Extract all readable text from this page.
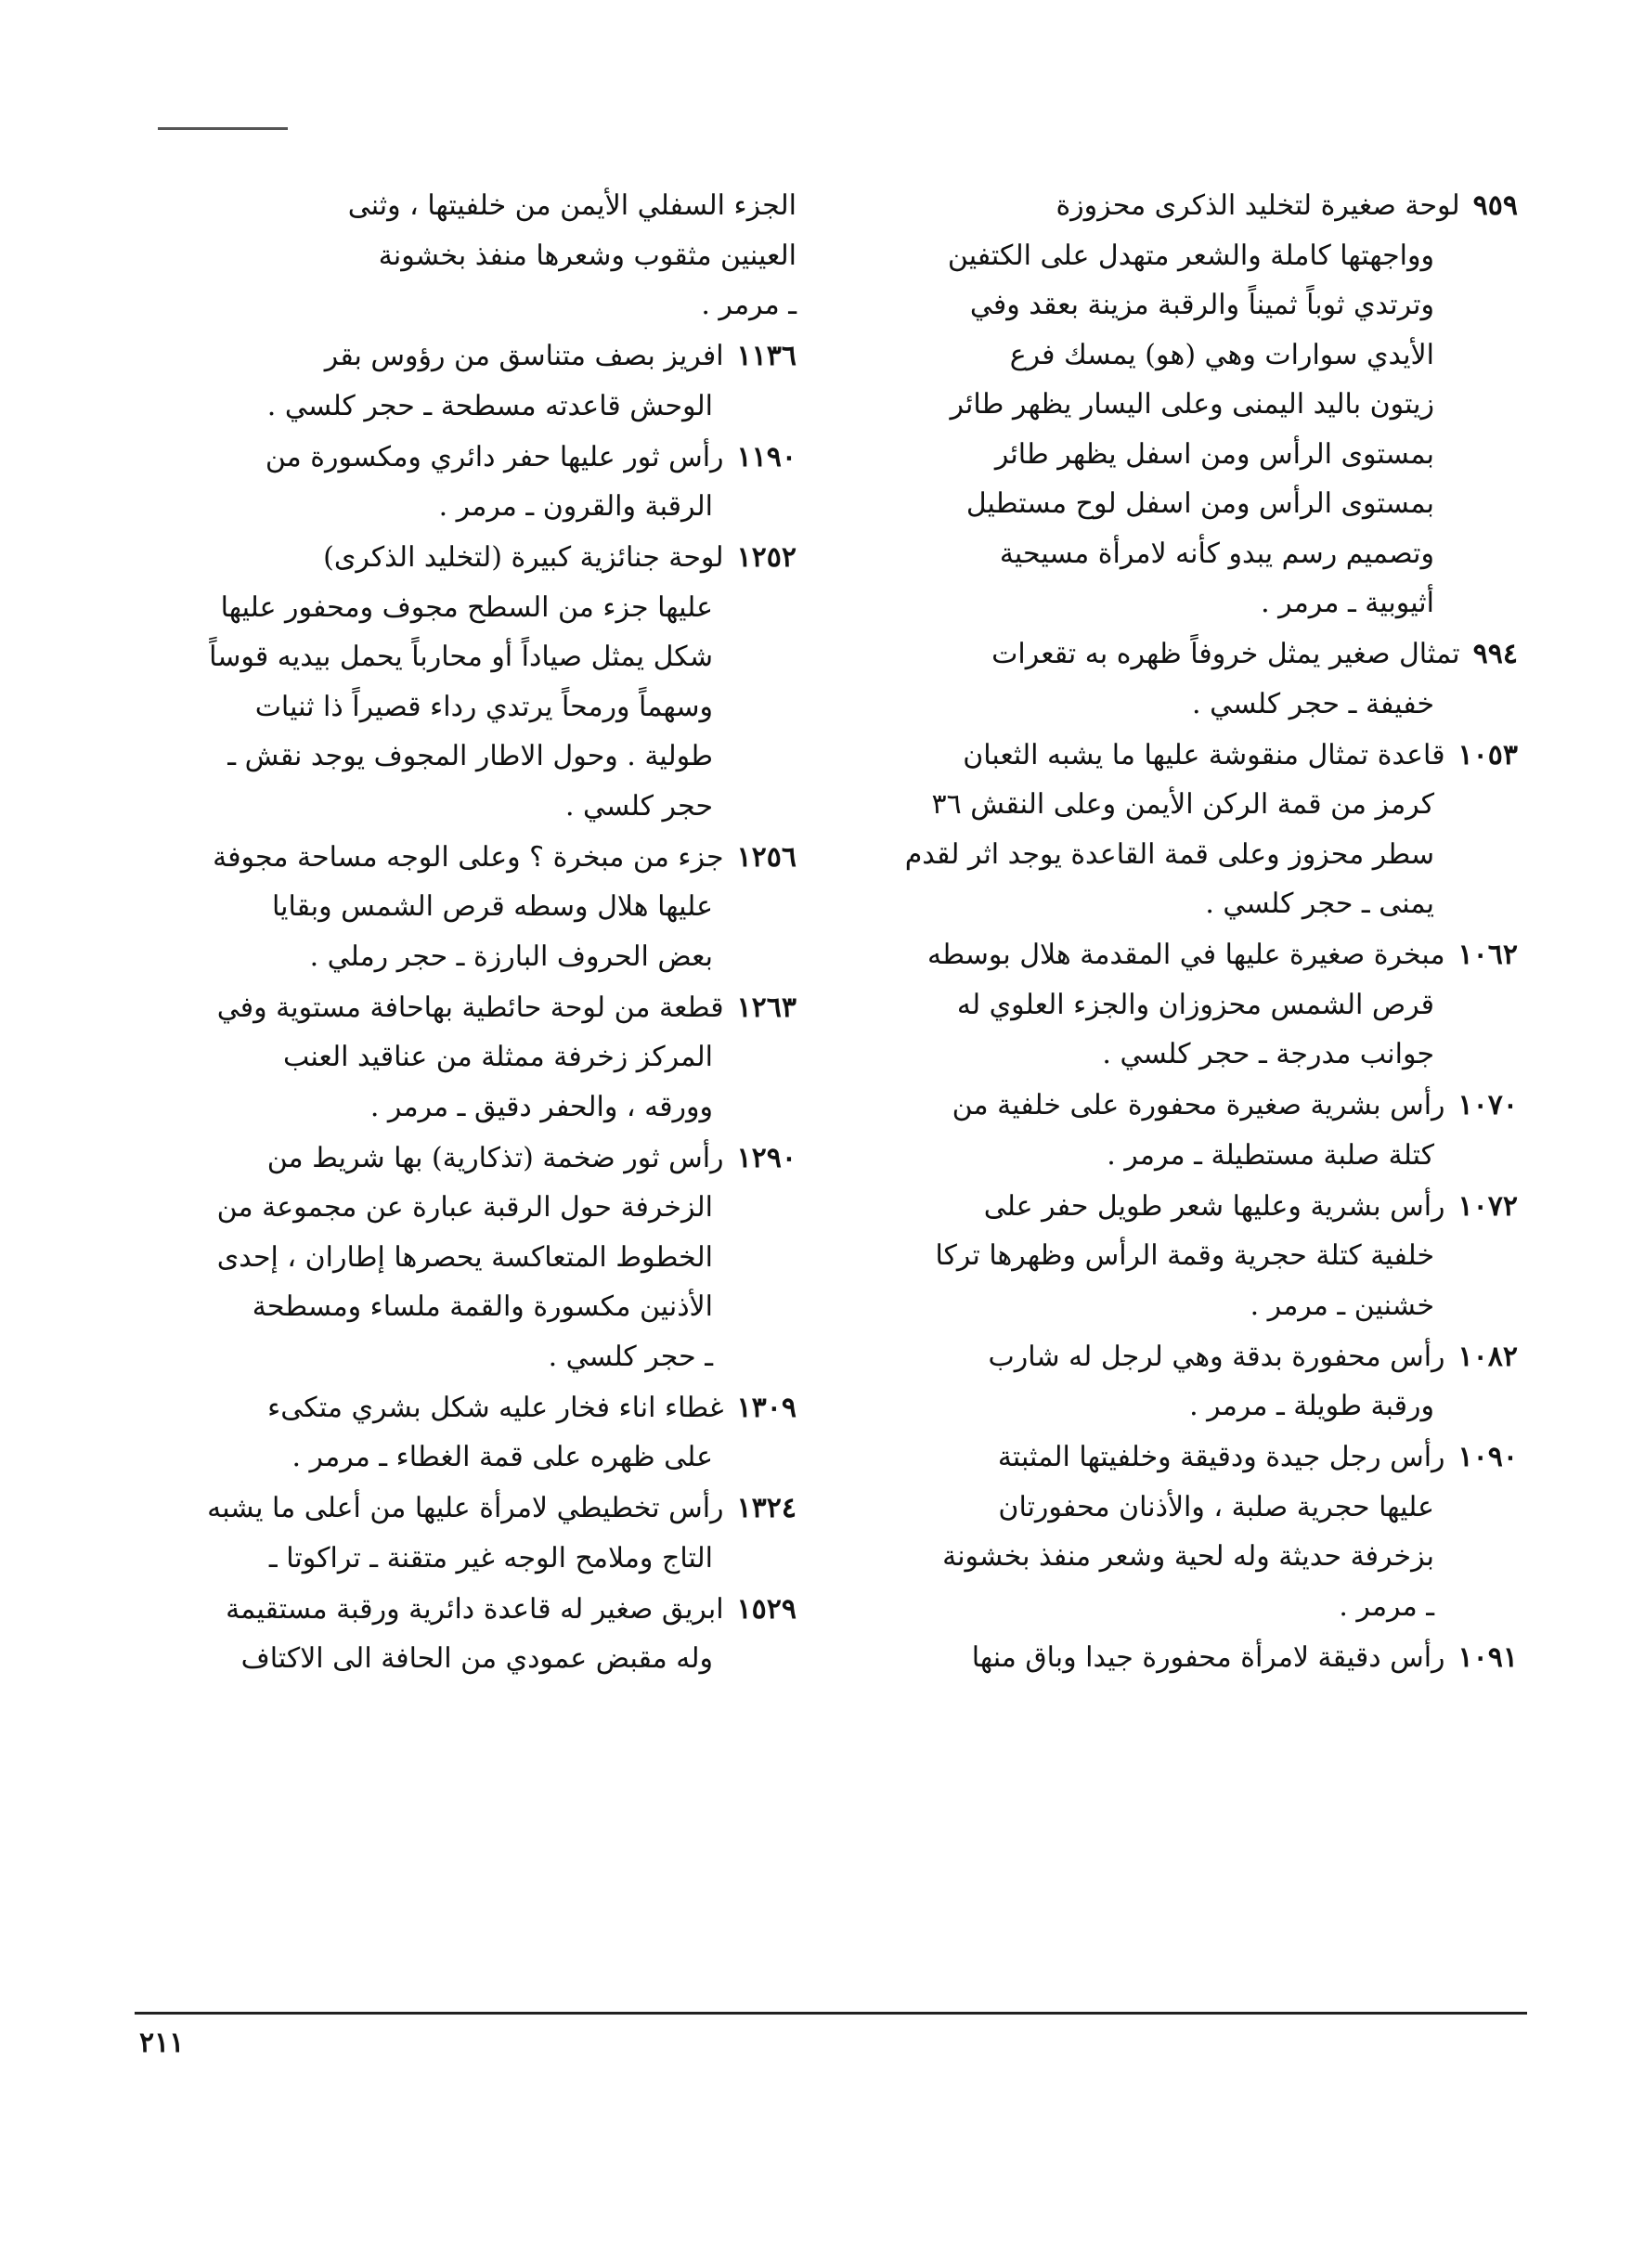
٩٥٩لوحة صغيرة لتخليد الذكرى محزوزة
وواجهتها كاملة والشعر متهدل على الكتفين
وترتدي ثوباً ثميناً والرقبة مزينة بعقد وفي
الأيدي سوارات وهي (هو) يمسك فرع
زيتون باليد اليمنى وعلى اليسار يظهر طائر
بمستوى الرأس ومن اسفل يظهر طائر
بمستوى الرأس ومن اسفل لوح مستطيل
وتصميم رسم يبدو كأنه لامرأة مسيحية
أثيوبية ـ مرمر .
٩٩٤تمثال صغير يمثل خروفاً ظهره به تقعرات
خفيفة ـ حجر كلسي .
١٠٥٣قاعدة تمثال منقوشة عليها ما يشبه الثعبان
كرمز من قمة الركن الأيمن وعلى النقش ٣٦
سطر محزوز وعلى قمة القاعدة يوجد اثر لقدم
يمنى ـ حجر كلسي .
١٠٦٢مبخرة صغيرة عليها في المقدمة هلال بوسطه
قرص الشمس محزوزان والجزء العلوي له
جوانب مدرجة ـ حجر كلسي .
١٠٧٠رأس بشرية صغيرة محفورة على خلفية من
كتلة صلبة مستطيلة ـ مرمر .
١٠٧٢رأس بشرية وعليها شعر طويل حفر على
خلفية كتلة حجرية وقمة الرأس وظهرها تركا
خشنين ـ مرمر .
١٠٨٢رأس محفورة بدقة وهي لرجل له شارب
ورقبة طويلة ـ مرمر .
١٠٩٠رأس رجل جيدة ودقيقة وخلفيتها المثبتة
عليها حجرية صلبة ، والأذنان محفورتان
بزخرفة حديثة وله لحية وشعر منفذ بخشونة
ـ مرمر .
١٠٩١رأس دقيقة لامرأة محفورة جيدا وباق منها
الجزء السفلي الأيمن من خلفيتها ، وثنى
العينين مثقوب وشعرها منفذ بخشونة
ـ مرمر .
١١٣٦افريز بصف متناسق من رؤوس بقر
الوحش قاعدته مسطحة ـ حجر كلسي .
١١٩٠رأس ثور عليها حفر دائري ومكسورة من
الرقبة والقرون ـ مرمر .
١٢٥٢لوحة جنائزية كبيرة (لتخليد الذكرى)
عليها جزء من السطح مجوف ومحفور عليها
شكل يمثل صياداً أو محارباً يحمل بيديه قوساً
وسهماً ورمحاً يرتدي رداء قصيراً ذا ثنيات
طولية . وحول الاطار المجوف يوجد نقش ـ
حجر كلسي .
١٢٥٦جزء من مبخرة ؟ وعلى الوجه مساحة مجوفة
عليها هلال وسطه قرص الشمس وبقايا
بعض الحروف البارزة ـ حجر رملي .
١٢٦٣قطعة من لوحة حائطية بهاحافة مستوية وفي
المركز زخرفة ممثلة من عناقيد العنب
وورقه ، والحفر دقيق ـ مرمر .
١٢٩٠رأس ثور ضخمة (تذكارية) بها شريط من
الزخرفة حول الرقبة عبارة عن مجموعة من
الخطوط المتعاكسة يحصرها إطاران ، إحدى
الأذنين مكسورة والقمة ملساء ومسطحة
ـ حجر كلسي .
١٣٠٩غطاء اناء فخار عليه شكل بشري متكىء
على ظهره على قمة الغطاء ـ مرمر .
١٣٢٤رأس تخطيطي لامرأة عليها من أعلى ما يشبه
التاج وملامح الوجه غير متقنة ـ تراكوتا ـ
١٥٢٩ابريق صغير له قاعدة دائرية ورقبة مستقيمة
وله مقبض عمودي من الحافة الى الاكتاف
٢١١
